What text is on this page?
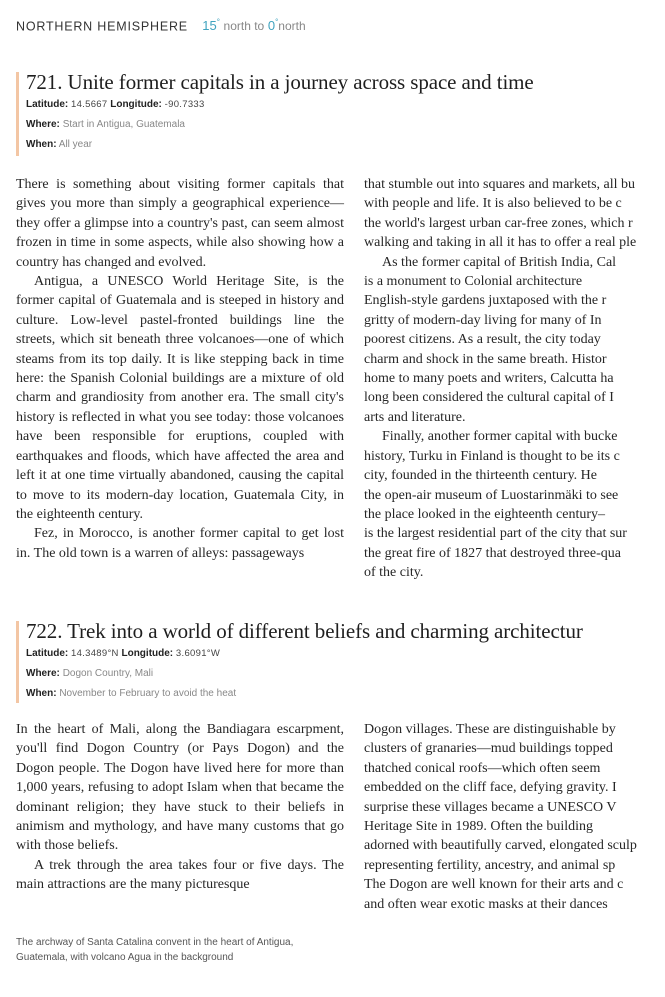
NORTHERN HEMISPHERE 15° north to 0°north
721. Unite former capitals in a journey across space and time
Latitude: 14.5667 Longitude: -90.7333
Where: Start in Antigua, Guatemala
When: All year

There is something about visiting former capitals that gives you more than simply a geographical experience—they offer a glimpse into a country's past, can seem almost frozen in time in some aspects, while also showing how a country has changed and evolved.

Antigua, a UNESCO World Heritage Site, is the former capital of Guatemala and is steeped in history and culture. Low-level pastel-fronted buildings line the streets, which sit beneath three volcanoes—one of which steams from its top daily. It is like stepping back in time here: the Spanish Colonial buildings are a mixture of old charm and grandiosity from another era. The small city's history is reflected in what you see today: those volcanoes have been responsible for eruptions, coupled with earthquakes and floods, which have affected the area and left it at one time virtually abandoned, causing the capital to move to its modern-day location, Guatemala City, in the eighteenth century.

Fez, in Morocco, is another former capital to get lost in. The old town is a warren of alleys: passageways

that stumble out into squares and markets, all bu
with people and life. It is also believed to be c
the world's largest urban car-free zones, which r
walking and taking in all it has to offer a real ple
As the former capital of British India, Cal
is a monument to Colonial architecture
English-style gardens juxtaposed with the r
gritty of modern-day living for many of In
poorest citizens. As a result, the city today
charm and shock in the same breath. Histor
home to many poets and writers, Calcutta ha
long been considered the cultural capital of I
arts and literature.
Finally, another former capital with bucke
history, Turku in Finland is thought to be its c
city, founded in the thirteenth century. He
the open-air museum of Luostarinmäki to see
the place looked in the eighteenth century–
is the largest residential part of the city that sur
the great fire of 1827 that destroyed three-qua
of the city.
722. Trek into a world of different beliefs and charming architectur
Latitude: 14.3489°N Longitude: 3.6091°W
Where: Dogon Country, Mali
When: November to February to avoid the heat

In the heart of Mali, along the Bandiagara escarpment, you'll find Dogon Country (or Pays Dogon) and the Dogon people. The Dogon have lived here for more than 1,000 years, refusing to adopt Islam when that became the dominant religion; they have stuck to their beliefs in animism and mythology, and have many customs that go with those beliefs.

A trek through the area takes four or five days. The main attractions are the many picturesque

Dogon villages. These are distinguishable by
clusters of granaries—mud buildings topped
thatched conical roofs—which often seem
embedded on the cliff face, defying gravity. I
surprise these villages became a UNESCO V
Heritage Site in 1989. Often the building
adorned with beautifully carved, elongated sculp
representing fertility, ancestry, and animal sp
The Dogon are well known for their arts and c
and often wear exotic masks at their dances
The archway of Santa Catalina convent in the heart of Antigua, Guatemala, with volcano Agua in the background
